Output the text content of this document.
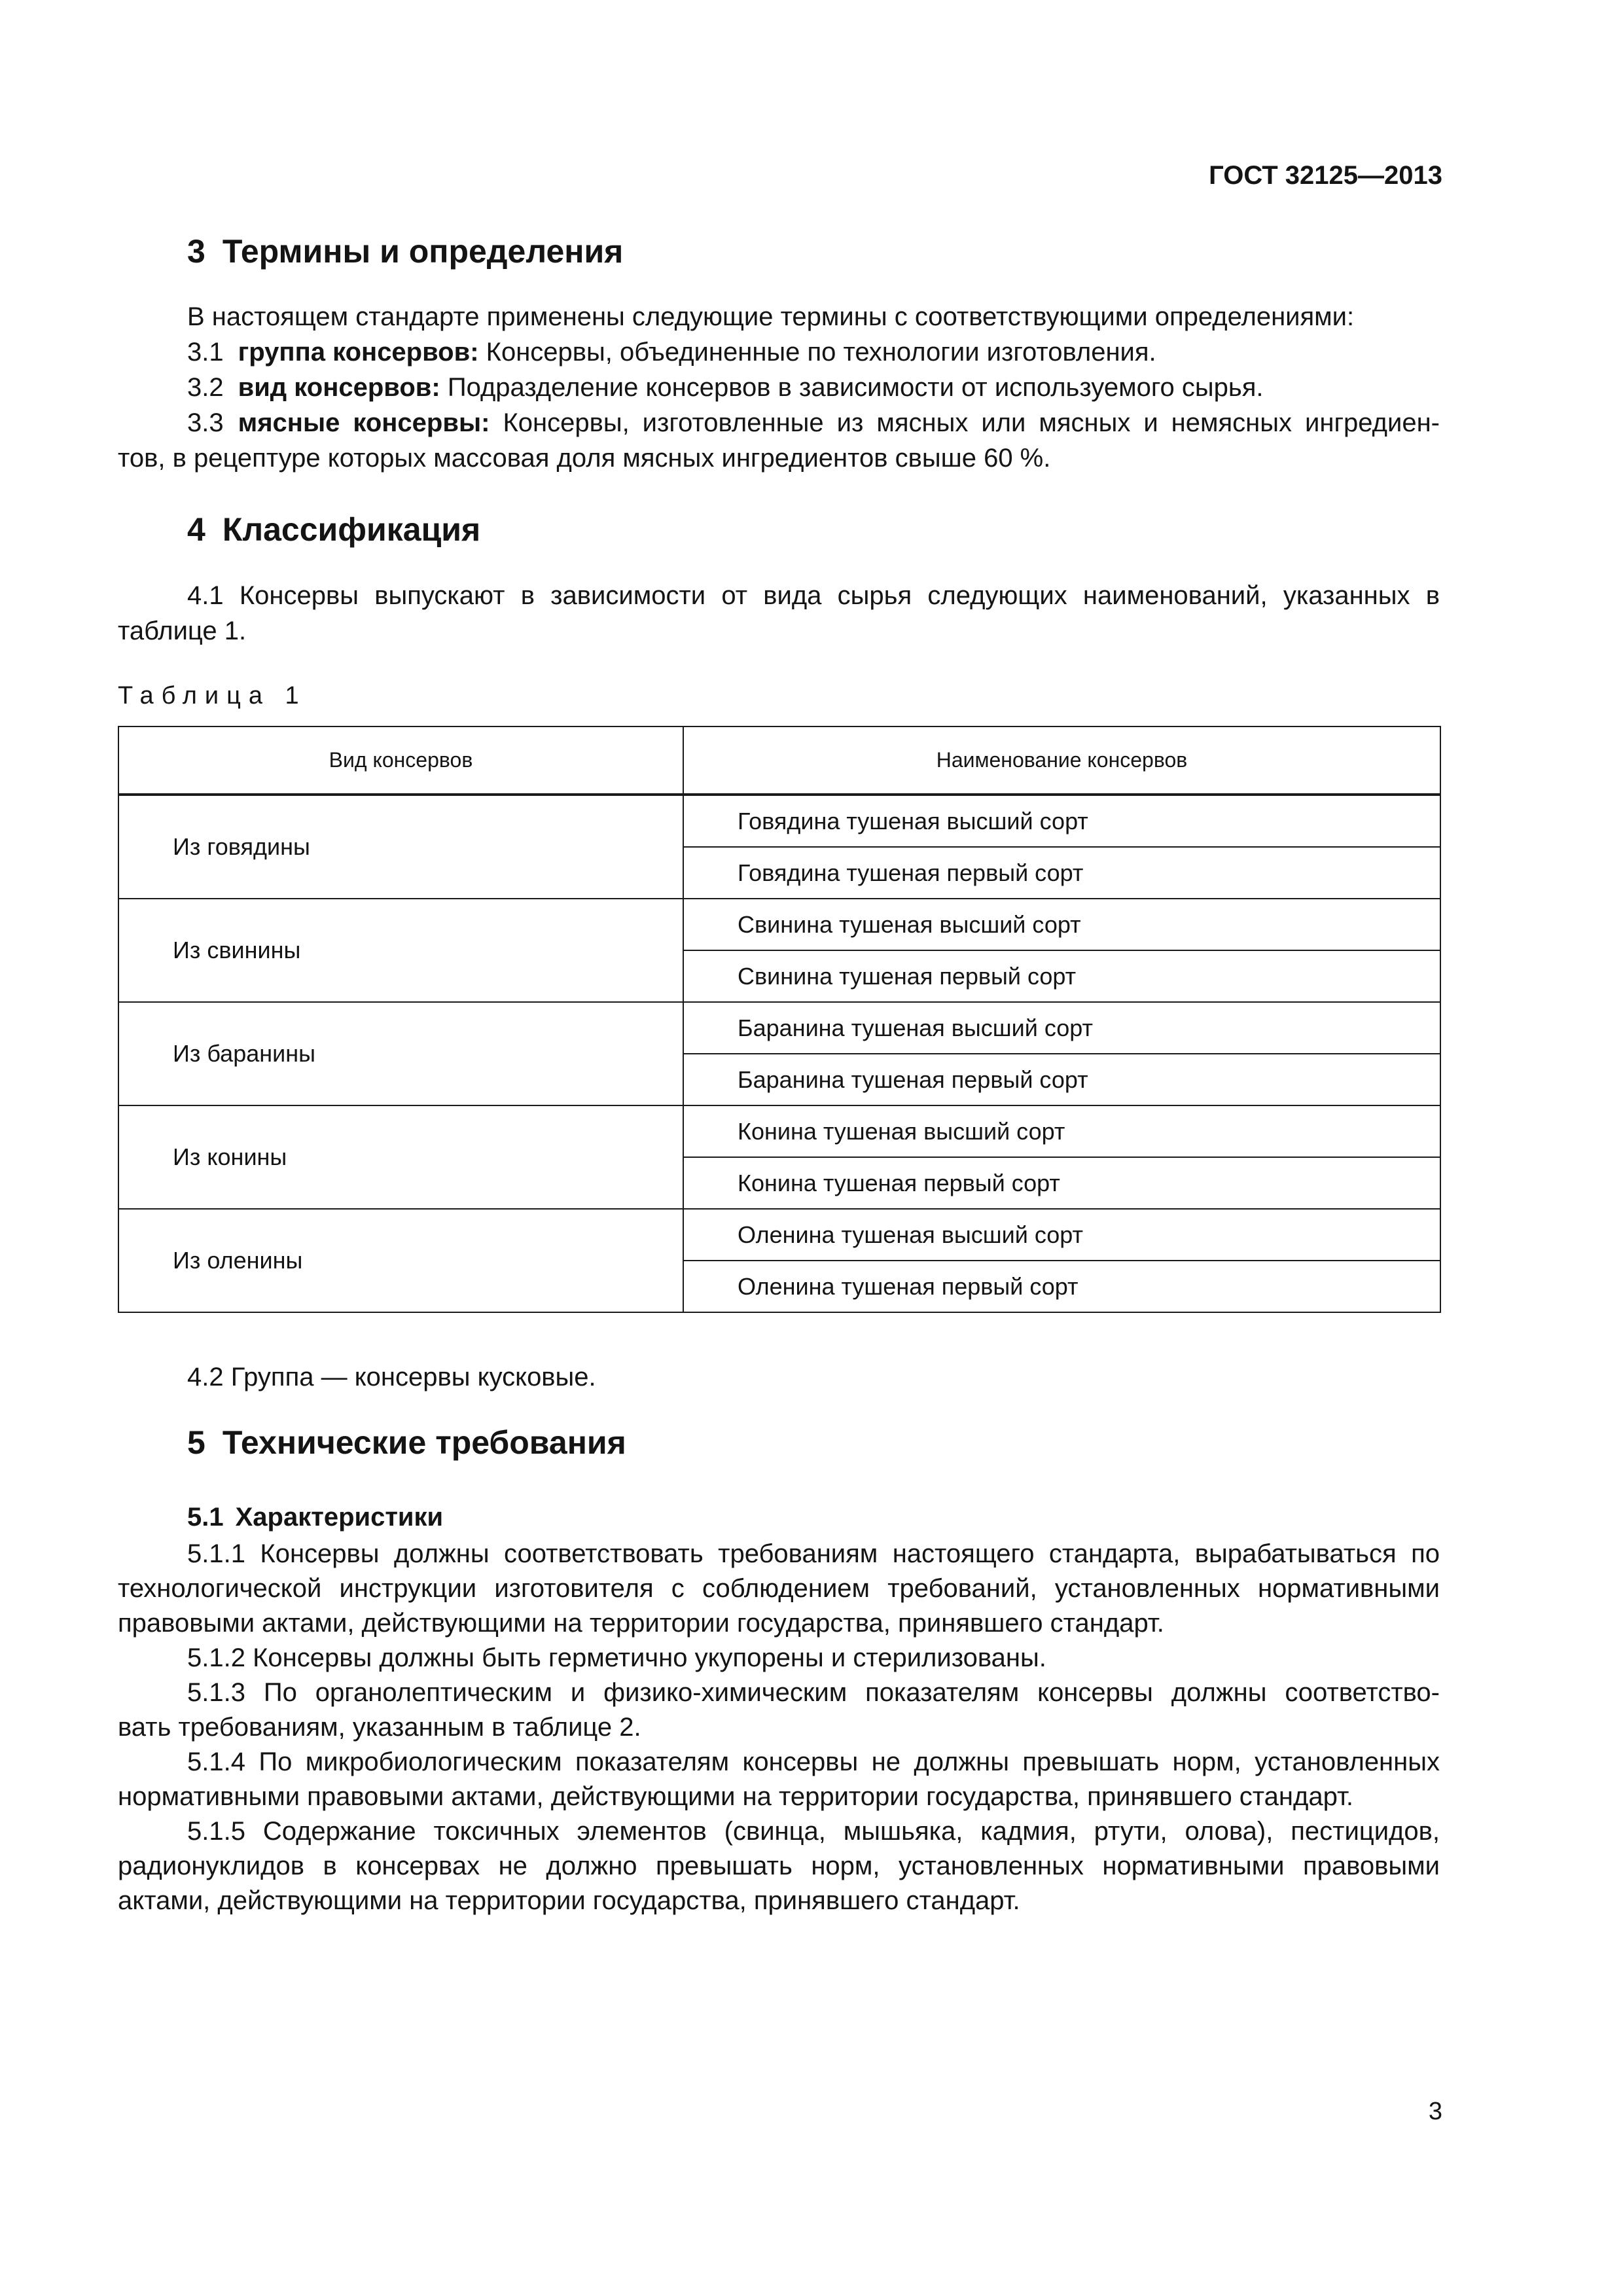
ГОСТ 32125—2013
3 Термины и определения
В настоящем стандарте применены следующие термины с соответствующими определениями:
3.1 группа консервов: Консервы, объединенные по технологии изготовления.
3.2 вид консервов: Подразделение консервов в зависимости от используемого сырья.
3.3 мясные консервы: Консервы, изготовленные из мясных или мясных и немясных ингредиен-
тов, в рецептуре которых массовая доля мясных ингредиентов свыше 60 %.
4 Классификация
4.1 Консервы выпускают в зависимости от вида сырья следующих наименований, указанных в
таблице 1.
Таблица 1
Вид консервов	Наименование консервов
Из говядины	Говядина тушеная высший сорт
	Говядина тушеная первый сорт
Из свинины	Свинина тушеная высший сорт
	Свинина тушеная первый сорт
Из баранины	Баранина тушеная высший сорт
	Баранина тушеная первый сорт
Из конины	Конина тушеная высший сорт
	Конина тушеная первый сорт
Из оленины	Оленина тушеная высший сорт
	Оленина тушеная первый сорт
4.2 Группа — консервы кусковые.
5 Технические требования
5.1 Характеристики
5.1.1 Консервы должны соответствовать требованиям настоящего стандарта, вырабатываться по
технологической инструкции изготовителя с соблюдением требований, установленных нормативными
правовыми актами, действующими на территории государства, принявшего стандарт.
5.1.2 Консервы должны быть герметично укупорены и стерилизованы.
5.1.3 По органолептическим и физико-химическим показателям консервы должны соответство-
вать требованиям, указанным в таблице 2.
5.1.4 По микробиологическим показателям консервы не должны превышать норм, установленных
нормативными правовыми актами, действующими на территории государства, принявшего стандарт.
5.1.5 Содержание токсичных элементов (свинца, мышьяка, кадмия, ртути, олова), пестицидов,
радионуклидов в консервах не должно превышать норм, установленных нормативными правовыми
актами, действующими на территории государства, принявшего стандарт.
3
